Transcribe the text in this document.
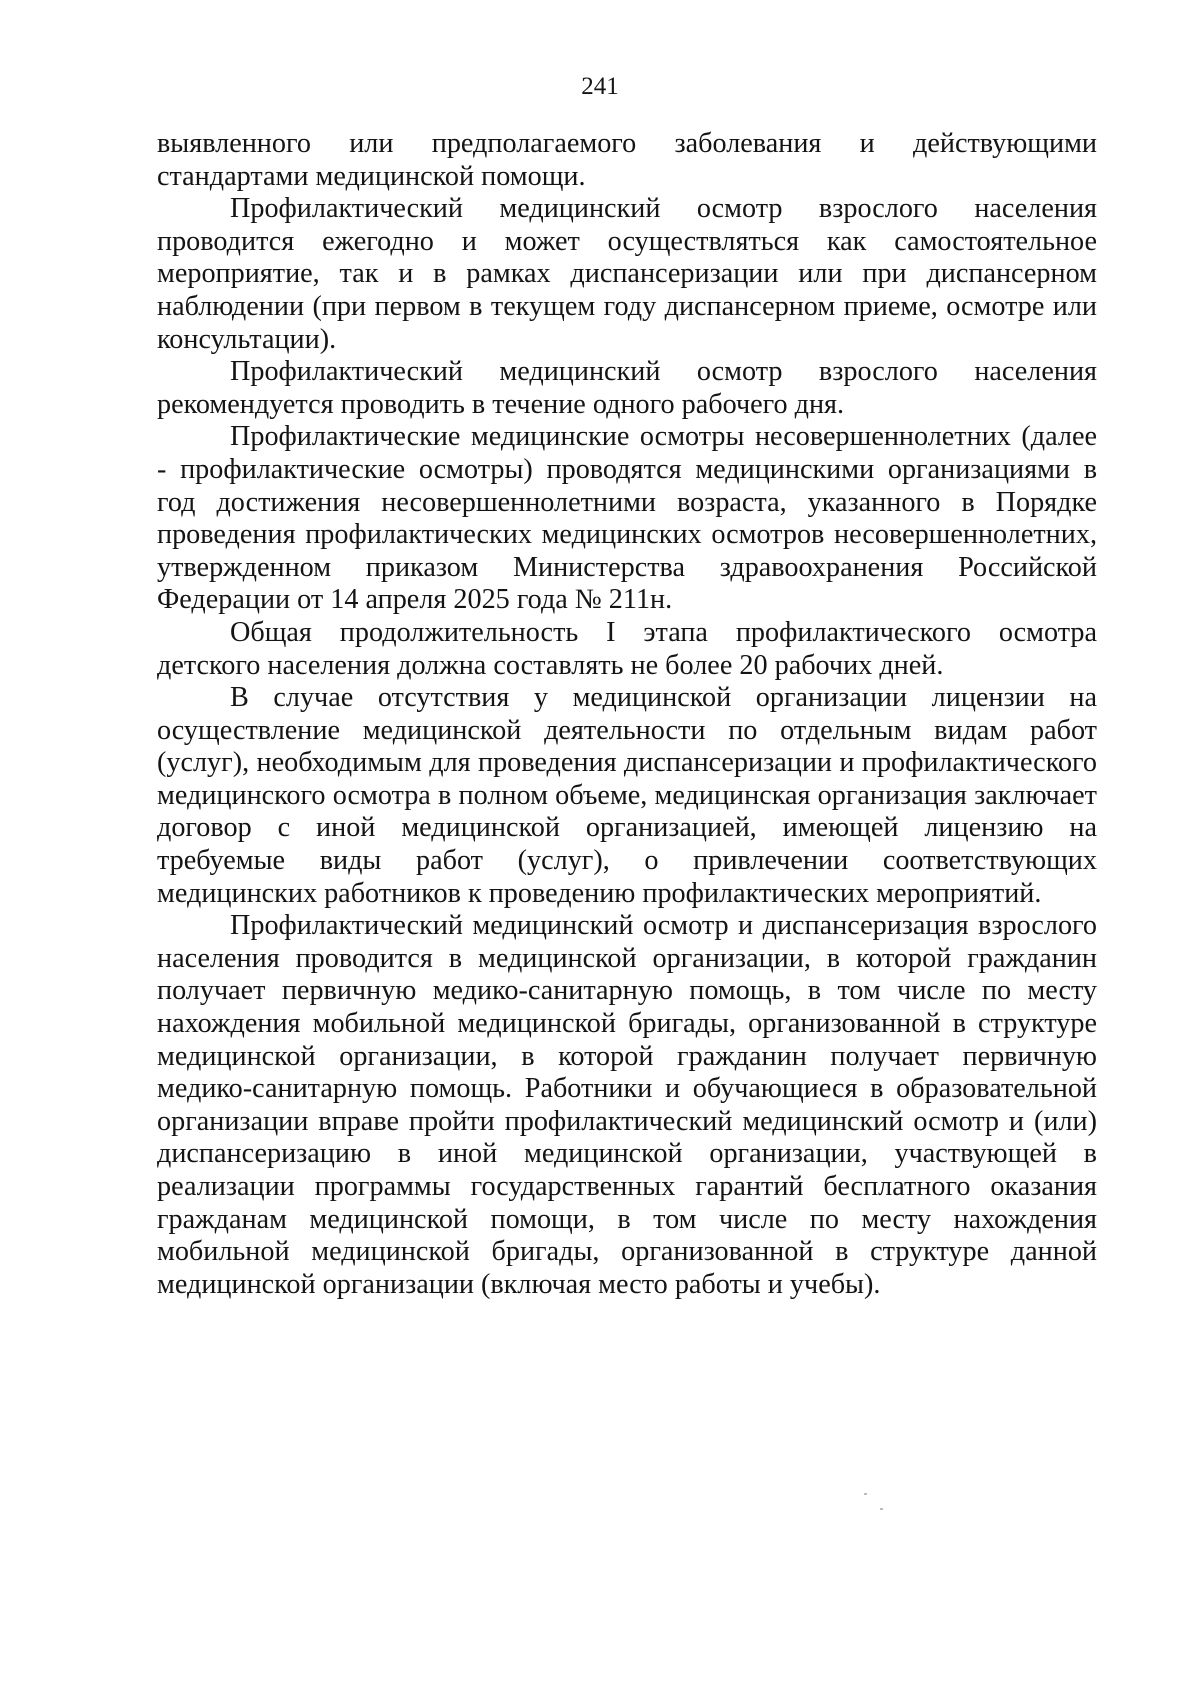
241

выявленного или предполагаемого заболевания и действующими стандартами медицинской помощи.

Профилактический медицинский осмотр взрослого населения проводится ежегодно и может осуществляться как самостоятельное мероприятие, так и в рамках диспансеризации или при диспансерном наблюдении (при первом в текущем году диспансерном приеме, осмотре или консультации).

Профилактический медицинский осмотр взрослого населения рекомендуется проводить в течение одного рабочего дня.

Профилактические медицинские осмотры несовершеннолетних (далее - профилактические осмотры) проводятся медицинскими организациями в год достижения несовершеннолетними возраста, указанного в Порядке проведения профилактических медицинских осмотров несовершеннолетних, утвержденном приказом Министерства здравоохранения Российской Федерации от 14 апреля 2025 года № 211н.

Общая продолжительность I этапа профилактического осмотра детского населения должна составлять не более 20 рабочих дней.

В случае отсутствия у медицинской организации лицензии на осуществление медицинской деятельности по отдельным видам работ (услуг), необходимым для проведения диспансеризации и профилактического медицинского осмотра в полном объеме, медицинская организация заключает договор с иной медицинской организацией, имеющей лицензию на требуемые виды работ (услуг), о привлечении соответствующих медицинских работников к проведению профилактических мероприятий.

Профилактический медицинский осмотр и диспансеризация взрослого населения проводится в медицинской организации, в которой гражданин получает первичную медико-санитарную помощь, в том числе по месту нахождения мобильной медицинской бригады, организованной в структуре медицинской организации, в которой гражданин получает первичную медико-санитарную помощь. Работники и обучающиеся в образовательной организации вправе пройти профилактический медицинский осмотр и (или) диспансеризацию в иной медицинской организации, участвующей в реализации программы государственных гарантий бесплатного оказания гражданам медицинской помощи, в том числе по месту нахождения мобильной медицинской бригады, организованной в структуре данной медицинской организации (включая место работы и учебы).
